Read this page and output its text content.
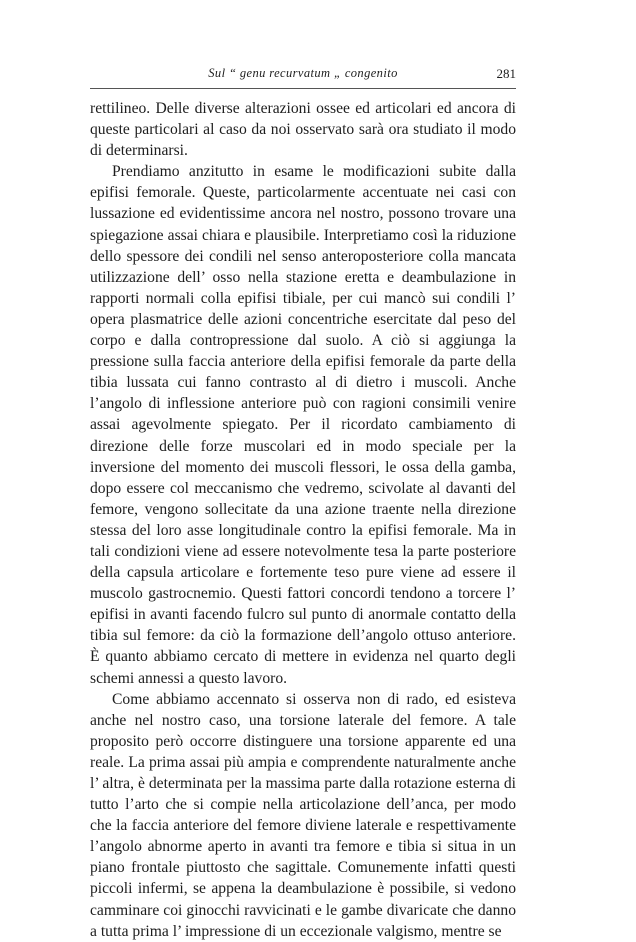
Sul “ genu recurvatum „ congenito	281

rettilineo. Delle diverse alterazioni ossee ed articolari ed ancora di queste particolari al caso da noi osservato sarà ora studiato il modo di determinarsi.

Prendiamo anzitutto in esame le modificazioni subite dalla epifisi femorale. Queste, particolarmente accentuate nei casi con lussazione ed evidentissime ancora nel nostro, possono trovare una spiegazione assai chiara e plausibile. Interpretiamo così la riduzione dello spessore dei condili nel senso anteroposteriore colla mancata utilizzazione dell’ osso nella stazione eretta e deambulazione in rapporti normali colla epifisi tibiale, per cui mancò sui condili l’ opera plasmatrice delle azioni concentriche esercitate dal peso del corpo e dalla contropressione dal suolo. A ciò si aggiunga la pressione sulla faccia anteriore della epifisi femorale da parte della tibia lussata cui fanno contrasto al di dietro i muscoli. Anche l’angolo di inflessione anteriore può con ragioni consimili venire assai agevolmente spiegato. Per il ricordato cambiamento di direzione delle forze muscolari ed in modo speciale per la inversione del momento dei muscoli flessori, le ossa della gamba, dopo essere col meccanismo che vedremo, scivolate al davanti del femore, vengono sollecitate da una azione traente nella direzione stessa del loro asse longitudinale contro la epifisi femorale. Ma in tali condizioni viene ad essere notevolmente tesa la parte posteriore della capsula articolare e fortemente teso pure viene ad essere il muscolo gastrocnemio. Questi fattori concordi tendono a torcere l’ epifisi in avanti facendo fulcro sul punto di anormale contatto della tibia sul femore: da ciò la formazione dell’angolo ottuso anteriore. È quanto abbiamo cercato di mettere in evidenza nel quarto degli schemi annessi a questo lavoro.

Come abbiamo accennato si osserva non di rado, ed esisteva anche nel nostro caso, una torsione laterale del femore. A tale proposito però occorre distinguere una torsione apparente ed una reale. La prima assai più ampia e comprendente naturalmente anche l’ altra, è determinata per la massima parte dalla rotazione esterna di tutto l’arto che si compie nella articolazione dell’anca, per modo che la faccia anteriore del femore diviene laterale e respettivamente l’angolo abnorme aperto in avanti tra femore e tibia si situa in un piano frontale piuttosto che sagittale. Comunemente infatti questi piccoli infermi, se appena la deambulazione è possibile, si vedono camminare coi ginocchi ravvicinati e le gambe divaricate che danno a tutta prima l’ impressione di un eccezionale valgismo, mentre se
